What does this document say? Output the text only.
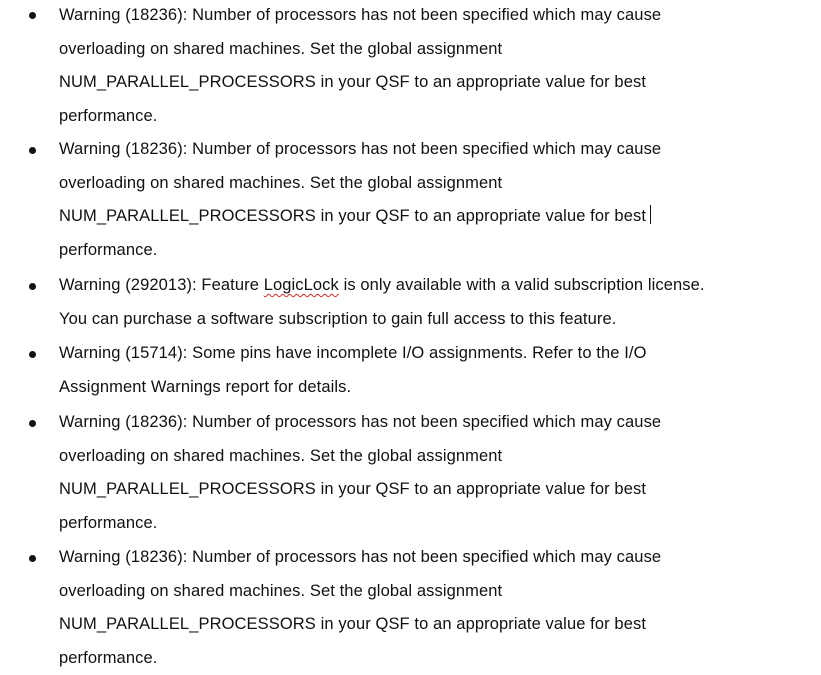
Warning (18236): Number of processors has not been specified which may cause
overloading on shared machines. Set the global assignment
NUM_PARALLEL_PROCESSORS in your QSF to an appropriate value for best
performance.
Warning (18236): Number of processors has not been specified which may cause
overloading on shared machines. Set the global assignment
NUM_PARALLEL_PROCESSORS in your QSF to an appropriate value for best
performance.
Warning (292013): Feature LogicLock is only available with a valid subscription license.
You can purchase a software subscription to gain full access to this feature.
Warning (15714): Some pins have incomplete I/O assignments. Refer to the I/O
Assignment Warnings report for details.
Warning (18236): Number of processors has not been specified which may cause
overloading on shared machines. Set the global assignment
NUM_PARALLEL_PROCESSORS in your QSF to an appropriate value for best
performance.
Warning (18236): Number of processors has not been specified which may cause
overloading on shared machines. Set the global assignment
NUM_PARALLEL_PROCESSORS in your QSF to an appropriate value for best
performance.
